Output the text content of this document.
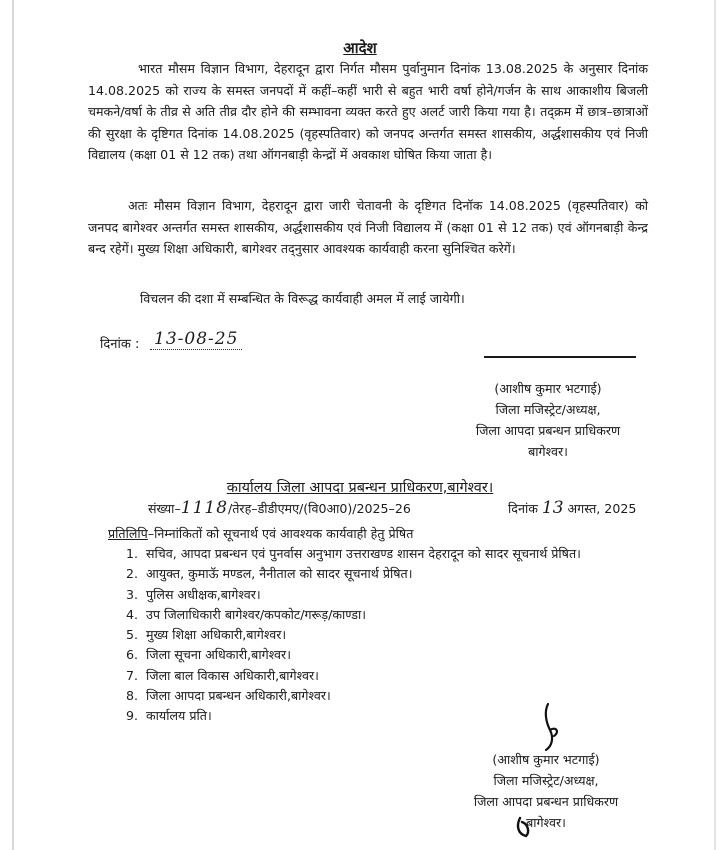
आदेश
भारत मौसम विज्ञान विभाग, देहरादून द्वारा निर्गत मौसम पुर्वानुमान दिनांक 13.08.2025 के अनुसार दिनांक 14.08.2025 को राज्य के समस्त जनपदों में कहीं–कहीं भारी से बहुत भारी वर्षा होने/गर्जन के साथ आकाशीय बिजली चमकने/वर्षा के तीव्र से अति तीव्र दौर होने की सम्भावना व्यक्त करते हुए अलर्ट जारी किया गया है। तद्क्रम में छात्र–छात्राओं की सुरक्षा के दृष्टिगत दिनांक 14.08.2025 (वृहस्पतिवार) को जनपद अन्तर्गत समस्त शासकीय, अर्द्धशासकीय एवं निजी विद्यालय (कक्षा 01 से 12 तक) तथा ऑगनबाड़ी केन्द्रों में अवकाश घोषित किया जाता है।
अतः मौसम विज्ञान विभाग, देहरादून द्वारा जारी चेतावनी के दृष्टिगत दिनॉक 14.08.2025 (वृहस्पतिवार) को जनपद बागेश्वर अन्तर्गत समस्त शासकीय, अर्द्धशासकीय एवं निजी विद्यालय में (कक्षा 01 से 12 तक) एवं ऑगनबाड़ी केन्द्र बन्द रहेगें। मुख्य शिक्षा अधिकारी, बागेश्वर तद्नुसार आवश्यक कार्यवाही करना सुनिश्चित करेगें।
विचलन की दशा में सम्बन्धित के विरूद्ध कार्यवाही अमल में लाई जायेगी।
दिनांक : 13-08-25
(आशीष कुमार भटगाई)
जिला मजिस्ट्रेट/अध्यक्ष,
जिला आपदा प्रबन्धन प्राधिकरण
बागेश्वर।
कार्यालय जिला आपदा प्रबन्धन प्राधिकरण,बागेश्वर।
संख्या–1118/तेरह–डीडीएमए/(वि0आ0)/2025–26	दिनांक 13 अगस्त, 2025
प्रतिलिपि–निम्नांकितों को सूचनार्थ एवं आवश्यक कार्यवाही हेतु प्रेषित
1. सचिव, आपदा प्रबन्धन एवं पुनर्वास अनुभाग उत्तराखण्ड शासन देहरादून को सादर सूचनार्थ प्रेषित।
2. आयुक्त, कुमाऊॅ मण्डल, नैनीताल को सादर सूचनार्थ प्रेषित।
3. पुलिस अधीक्षक,बागेश्वर।
4. उप जिलाधिकारी बागेश्वर/कपकोट/गरूड़/काण्डा।
5. मुख्य शिक्षा अधिकारी,बागेश्वर।
6. जिला सूचना अधिकारी,बागेश्वर।
7. जिला बाल विकास अधिकारी,बागेश्वर।
8. जिला आपदा प्रबन्धन अधिकारी,बागेश्वर।
9. कार्यालय प्रति।
(आशीष कुमार भटगाई)
जिला मजिस्ट्रेट/अध्यक्ष,
जिला आपदा प्रबन्धन प्राधिकरण
बागेश्वर।
